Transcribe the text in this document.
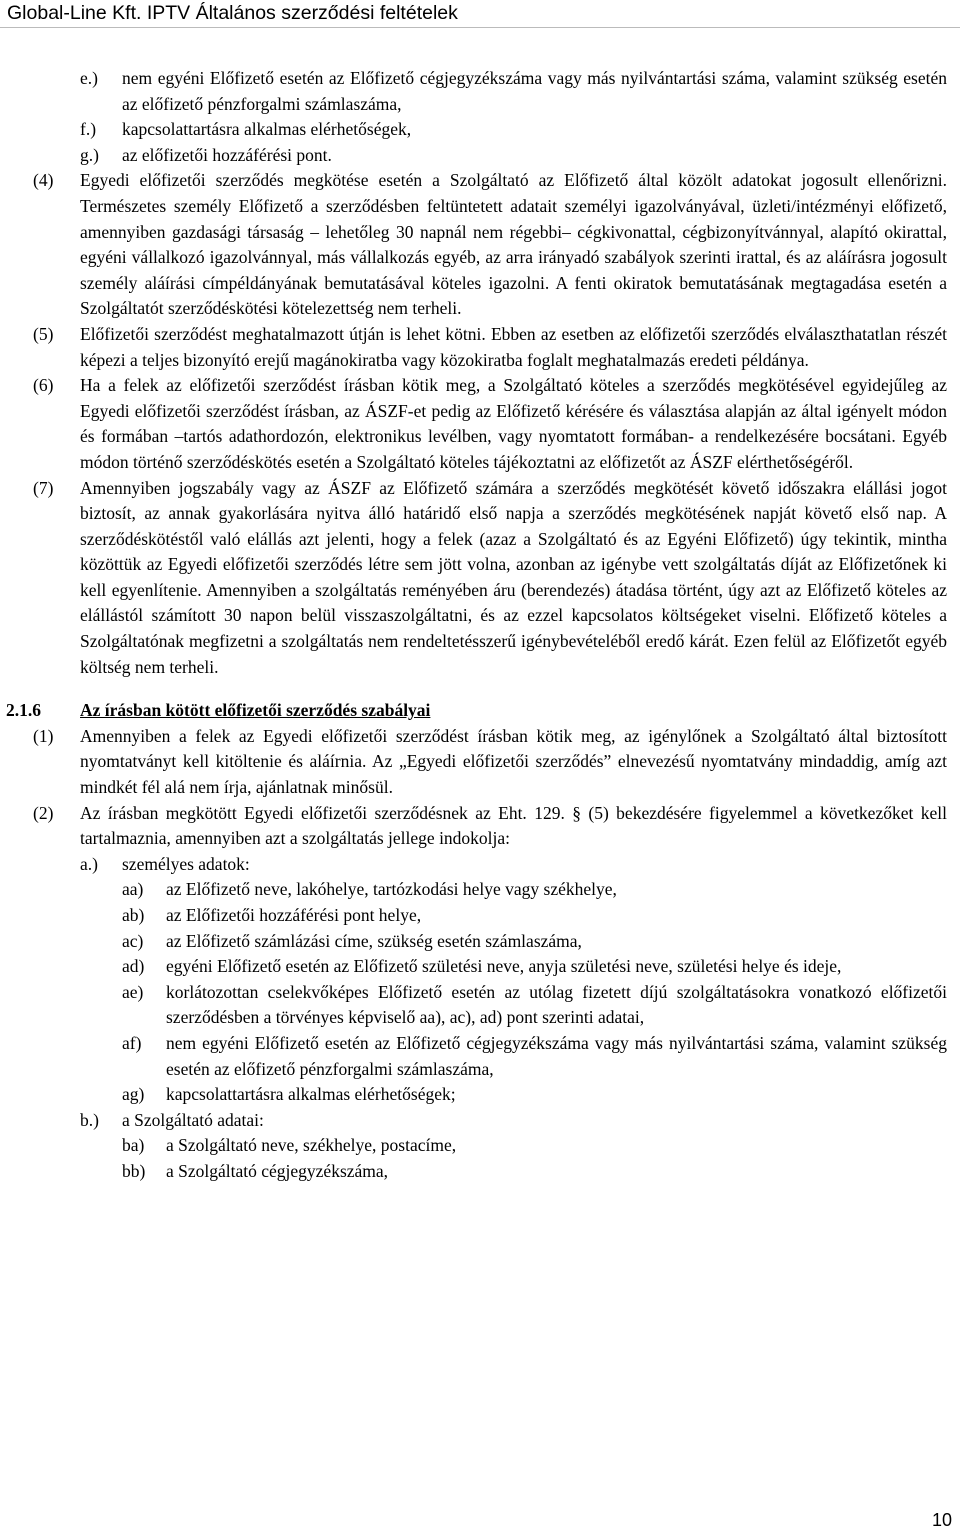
Global-Line Kft. IPTV Általános szerződési feltételek
e.) nem egyéni Előfizető esetén az Előfizető cégjegyzékszáma vagy más nyilvántartási száma, valamint szükség esetén az előfizető pénzforgalmi számlaszáma,
f.) kapcsolattartásra alkalmas elérhetőségek,
g.) az előfizetői hozzáférési pont.
(4) Egyedi előfizetői szerződés megkötése esetén a Szolgáltató az Előfizető által közölt adatokat jogosult ellenőrizni. Természetes személy Előfizető a szerződésben feltüntetett adatait személyi igazolványával, üzleti/intézményi előfizető, amennyiben gazdasági társaság – lehetőleg 30 napnál nem régebbi– cégkivonattal, cégbizonyítvánnyal, alapító okirattal, egyéni vállalkozó igazolvánnyal, más vállalkozás egyéb, az arra irányadó szabályok szerinti irattal, és az aláírásra jogosult személy aláírási címpéldányának bemutatásával köteles igazolni. A fenti okiratok bemutatásának megtagadása esetén a Szolgáltatót szerződéskötési kötelezettség nem terheli.
(5) Előfizetői szerződést meghatalmazott útján is lehet kötni. Ebben az esetben az előfizetői szerződés elválaszthatatlan részét képezi a teljes bizonyító erejű magánokiratba vagy közokiratba foglalt meghatalmazás eredeti példánya.
(6) Ha a felek az előfizetői szerződést írásban kötik meg, a Szolgáltató köteles a szerződés megkötésével egyidejűleg az Egyedi előfizetői szerződést írásban, az ÁSZF-et pedig az Előfizető kérésére és választása alapján az által igényelt módon és formában –tartós adathordozón, elektronikus levélben, vagy nyomtatott formában- a rendelkezésére bocsátani. Egyéb módon történő szerződéskötés esetén a Szolgáltató köteles tájékoztatni az előfizetőt az ÁSZF elérthetőségéről.
(7) Amennyiben jogszabály vagy az ÁSZF az Előfizető számára a szerződés megkötését követő időszakra elállási jogot biztosít, az annak gyakorlására nyitva álló határidő első napja a szerződés megkötésének napját követő első nap. A szerződéskötéstől való elállás azt jelenti, hogy a felek (azaz a Szolgáltató és az Egyéni Előfizető) úgy tekintik, mintha közöttük az Egyedi előfizetői szerződés létre sem jött volna, azonban az igénybe vett szolgáltatás díját az Előfizetőnek ki kell egyenlítenie. Amennyiben a szolgáltatás reményében áru (berendezés) átadása történt, úgy azt az Előfizető köteles az elállástól számított 30 napon belül visszaszolgáltatni, és az ezzel kapcsolatos költségeket viselni. Előfizető köteles a Szolgáltatónak megfizetni a szolgáltatás nem rendeltetésszerű igénybevételéből eredő kárát. Ezen felül az Előfizetőt egyéb költség nem terheli.
2.1.6 Az írásban kötött előfizetői szerződés szabályai
(1) Amennyiben a felek az Egyedi előfizetői szerződést írásban kötik meg, az igénylőnek a Szolgáltató által biztosított nyomtatványt kell kitöltenie és aláírnia. Az „Egyedi előfizetői szerződés” elnevezésű nyomtatvány mindaddig, amíg azt mindkét fél alá nem írja, ajánlatnak minősül.
(2) Az írásban megkötött Egyedi előfizetői szerződésnek az Eht. 129. § (5) bekezdésére figyelemmel a következőket kell tartalmaznia, amennyiben azt a szolgáltatás jellege indokolja:
a.) személyes adatok:
aa) az Előfizető neve, lakóhelye, tartózkodási helye vagy székhelye,
ab) az Előfizetői hozzáférési pont helye,
ac) az Előfizető számlázási címe, szükség esetén számlaszáma,
ad) egyéni Előfizető esetén az Előfizető születési neve, anyja születési neve, születési helye és ideje,
ae) korlátozottan cselekvőképes Előfizető esetén az utólag fizetett díjú szolgáltatásokra vonatkozó előfizetői szerződésben a törvényes képviselő aa), ac), ad) pont szerinti adatai,
af) nem egyéni Előfizető esetén az Előfizető cégjegyzékszáma vagy más nyilvántartási száma, valamint szükség esetén az előfizető pénzforgalmi számlaszáma,
ag) kapcsolattartásra alkalmas elérhetőségek;
b.) a Szolgáltató adatai:
ba) a Szolgáltató neve, székhelye, postacíme,
bb) a Szolgáltató cégjegyzékszáma,
10
